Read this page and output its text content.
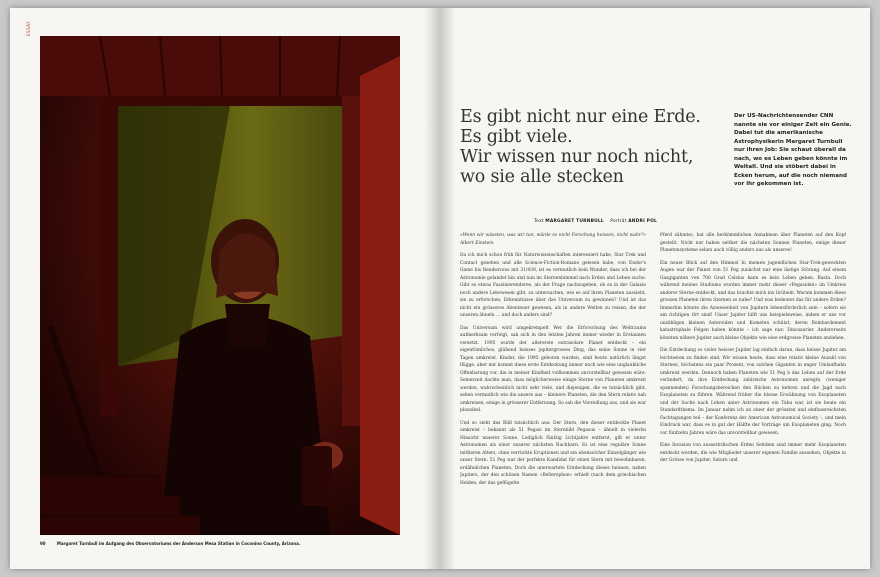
ESSAY
90	Margaret Turnbull im Aufgang des Observatoriums der Anderson Mesa Station in Coconino County, Arizona.
Es gibt nicht nur eine Erde.
Es gibt viele.
Wir wissen nur noch nicht,
wo sie alle stecken
Der US-Nachrichtensender CNN nannte sie vor einiger Zeit ein Genie. Dabei tut die amerikanische Astrophysikerin Margaret Turnbull nur ihren Job: Sie schaut überall da nach, wo es Leben geben könnte im Weltall. Und sie stöbert dabei in Ecken herum, auf die noch niemand vor ihr gekommen ist.
Text MARGARET TURNBULL Porträt ANDRI POL

«Wenn wir wüssten, was wir tun, würde es nicht Forschung heissen, nicht wahr?» Albert Einstein

Da ich mich schon früh für Naturwissenschaften interessiert habe, Star Trek und Contact gesehen und alle Science-Fiction-Romane gelesen habe, von Ender's Game bis Rendezvous mit 31/439, ist es vermutlich kein Wunder, dass ich bei der Astronomie gelandet bin und nun im Sternenhimmel nach Erden und Leben suche. Gibt es etwas Faszinierenderes, als der Frage nachzugehen, ob es in der Galaxie noch andere Lebewesen gibt, zu untersuchen, wie es auf ihren Planeten aussieht, sie zu erforschen, Erkenntnisse über das Universum zu gewinnen? Und ist das nicht ein grösseres Abenteuer gewesen, als in andere Welten zu reisen, die der unseren ähneln … und doch anders sind?

Das Universum wird umgekrempelt Wer die Erforschung des Weltraums aufmerksam verfolgt, sah sich in den letzten Jahren immer wieder in Erstaunen versetzt. 1995 wurde der allererste extrasolare Planet entdeckt – ein eigentümliches, glühend heisses jupitergrosses Ding, das seine Sonne in vier Tagen umkreist. Kinder, die 1995 geboren wurden, sind heute natürlich längst flügge, aber mir kommt diese erste Entdeckung immer noch wie eine unglaubliche Offenbarung vor, die in meiner Kindheit vollkommen unvorstellbar gewesen wäre. Seinerzeit dachte man, dass möglicherweise einige Sterne von Planeten umkreist werden, wahrscheinlich nicht sehr viele, und diejenigen, die es tatsächlich gibt, sehen vermutlich wie die unsere aus – kleinere Planeten, die den Stern relativ nah umkreisen, einige in grösserer Entfernung. So sah die Vorstellung aus, und sie war plausibel.

Und so sieht das Bild tatsächlich aus: Der Stern, den dieser entdeckte Planet umkreist – bekannt als 51 Pegasi im Sternbild Pegasus – ähnelt in vielerlei Hinsicht unserer Sonne. Lediglich fünfzig Lichtjahre entfernt, gilt er unter Astronomen als einer unserer nächsten Nachbarn. Es ist eine reguläre Sonne mittleren Alters, ohne verrückte Eruptionen und ein ebensolcher Einzelgänger wie unser Stern. 51 Peg war der perfekte Kandidat für einen Stern mit bewohnbaren, erdähnlichen Planeten. Doch die unerwartete Entdeckung dieses heissen, nahen Jupiters, der den schönen Namen «Bellerophon» erhielt (nach dem griechischen Helden, der das geflügelte

Pferd zähmte), hat alle herkömmlichen Annahmen über Planeten auf den Kopf gestellt. Nicht nur haben seither die nächsten Sonnen Planeten, einige dieser Planetensysteme sehen auch völlig anders aus als unseres!

Ein neuer Blick auf den Himmel In meinen jugendlichen Star-Trek-geweckten Augen war der Planet von 51 Peg zunächst nur eine lästige Störung. Auf einem Gasgiganten von 700 Grad Celsius kann es kein Leben geben. Basta. Doch während meines Studiums wurden immer mehr dieser «Pegasiden» im Umkreis anderer Sterne entdeckt, und das brachte mich ins Grübeln. Warum kommen diese grossen Planeten ihren Sternen so nahe? Und was bedeutet das für andere Erden? Immerhin könnte die Anwesenheit von Jupitern lebensförderlich sein – sofern sie am richtigen Ort sind! Unser Jupiter hilft uns beispielsweise, indem er uns vor unzähligen kleinen Asteroiden und Kometen schützt, deren Bombardement katastrophale Folgen haben könnte – ich sage nur: Dinosaurier. Andererseits könnten nähere Jupiter auch kleine Objekte wie eine erdgrosse Planeten anziehen.

Die Entdeckung so vieler heisser Jupiter lag einfach daran, dass heisse Jupiter am leichtesten zu finden sind. Wir wissen heute, dass eine relativ kleine Anzahl von Sternen, höchstens ein paar Prozent, von solchen Giganten in enger Umlaufbahn umkreist werden. Dennoch haben Planeten wie 51 Peg b das Leben auf der Erde verändert, da ihre Entdeckung zahlreiche Astronomen anregte, (weniger spannenden) Forschungsbereichen den Rücken zu kehren und die Jagd nach Exoplaneten zu führen. Während früher die blosse Erwähnung von Exoplaneten und der Suche nach Leben unter Astronomen ein Tabu war, ist sie heute ein Standardthema. Im Januar nahm ich an einer der grössten und einflussreichsten Fachtagungen teil – der Konferenz der American Astronomical Society –, und mein Eindruck war, dass es in gut der Hälfte der Vorträge um Exoplaneten ging. Noch vor fünfzehn Jahren wäre das unvorstellbar gewesen.

Eine Invasion von ausserirdischen Erden Seitdem sind immer mehr Exoplaneten entdeckt worden, die wie Mitglieder unserer eigenen Familie aussehen, Objekte in der Grösse von Jupiter, Saturn und
